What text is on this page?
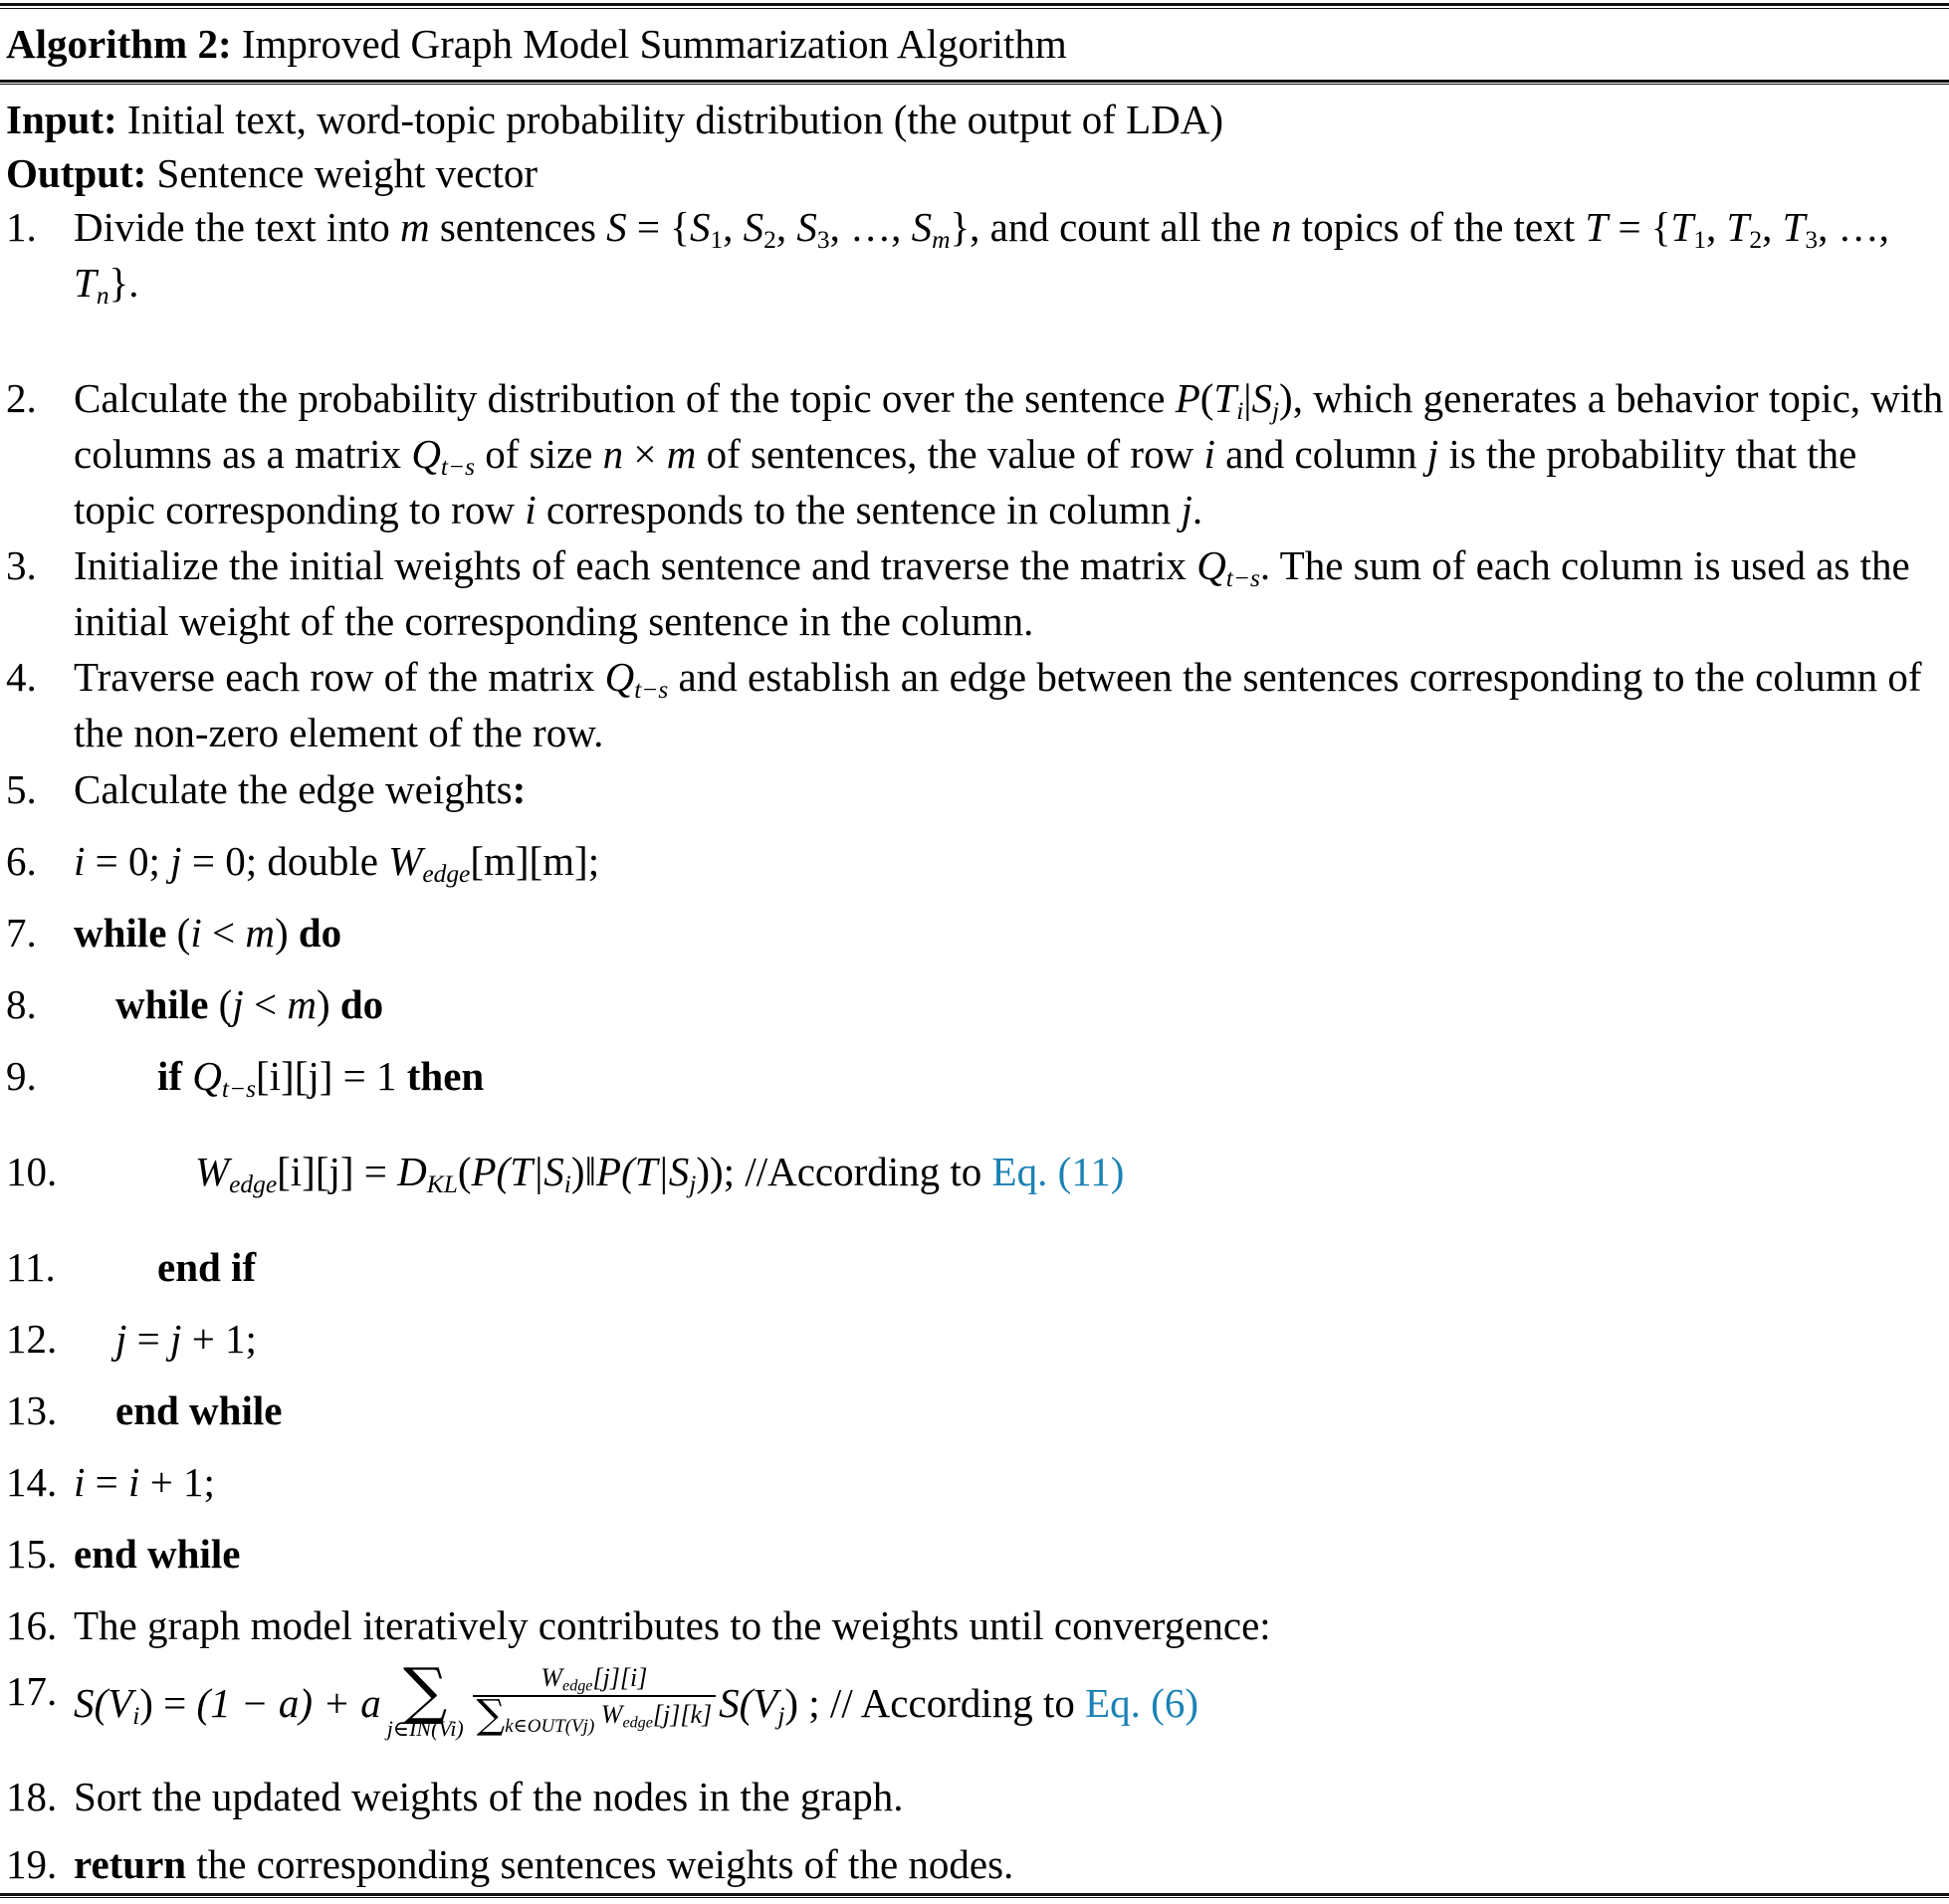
Algorithm 2: Improved Graph Model Summarization Algorithm
Input: Initial text, word-topic probability distribution (the output of LDA)
Output: Sentence weight vector
1. Divide the text into m sentences $S = \{S_1$, $S_2$, $S_3$, …, $S_m$}, and count all the n topics of the text $T = \{T_1$, $T_2$, $T_3$, …, $T_n$}.
2. Calculate the probability distribution of the topic over the sentence $P(T_i|S_j)$, which generates a behavior topic, with columns as a matrix $Q_{t-s}$ of size n × m of sentences, the value of row i and column j is the probability that the topic corresponding to row i corresponds to the sentence in column j.
3. Initialize the initial weights of each sentence and traverse the matrix $Q_{t-s}$. The sum of each column is used as the initial weight of the corresponding sentence in the column.
4. Traverse each row of the matrix $Q_{t-s}$ and establish an edge between the sentences corresponding to the column of the non-zero element of the row.
5. Calculate the edge weights:
6. i = 0; j = 0; double $W_{edge}[m][m]$;
7. while (i < m) do
8.	while (j < m) do
9.	if $Q_{t-s}[i][j] = 1$ then
10.	$W_{edge}[i][j]$ = $D_{KL}(P(T|S_i)‖P(T|S_j))$; //According to Eq. (11)
11. end if
12. j = j + 1;
13. end while
14. i = i + 1;
15. end while
16. The graph model iteratively contributes to the weights until convergence:
17. $S(V_i) = (1 - a) + a$ ∑
j∈IN(Vi) $\frac{W_{edge}[j][i]}{\sum_{k\in OUT(Vj)} W_{edge}[j][k]} S(V_j)$ ; // According to Eq. (6)
18. Sort the updated weights of the nodes in the graph.
19. return the corresponding sentences weights of the nodes.
